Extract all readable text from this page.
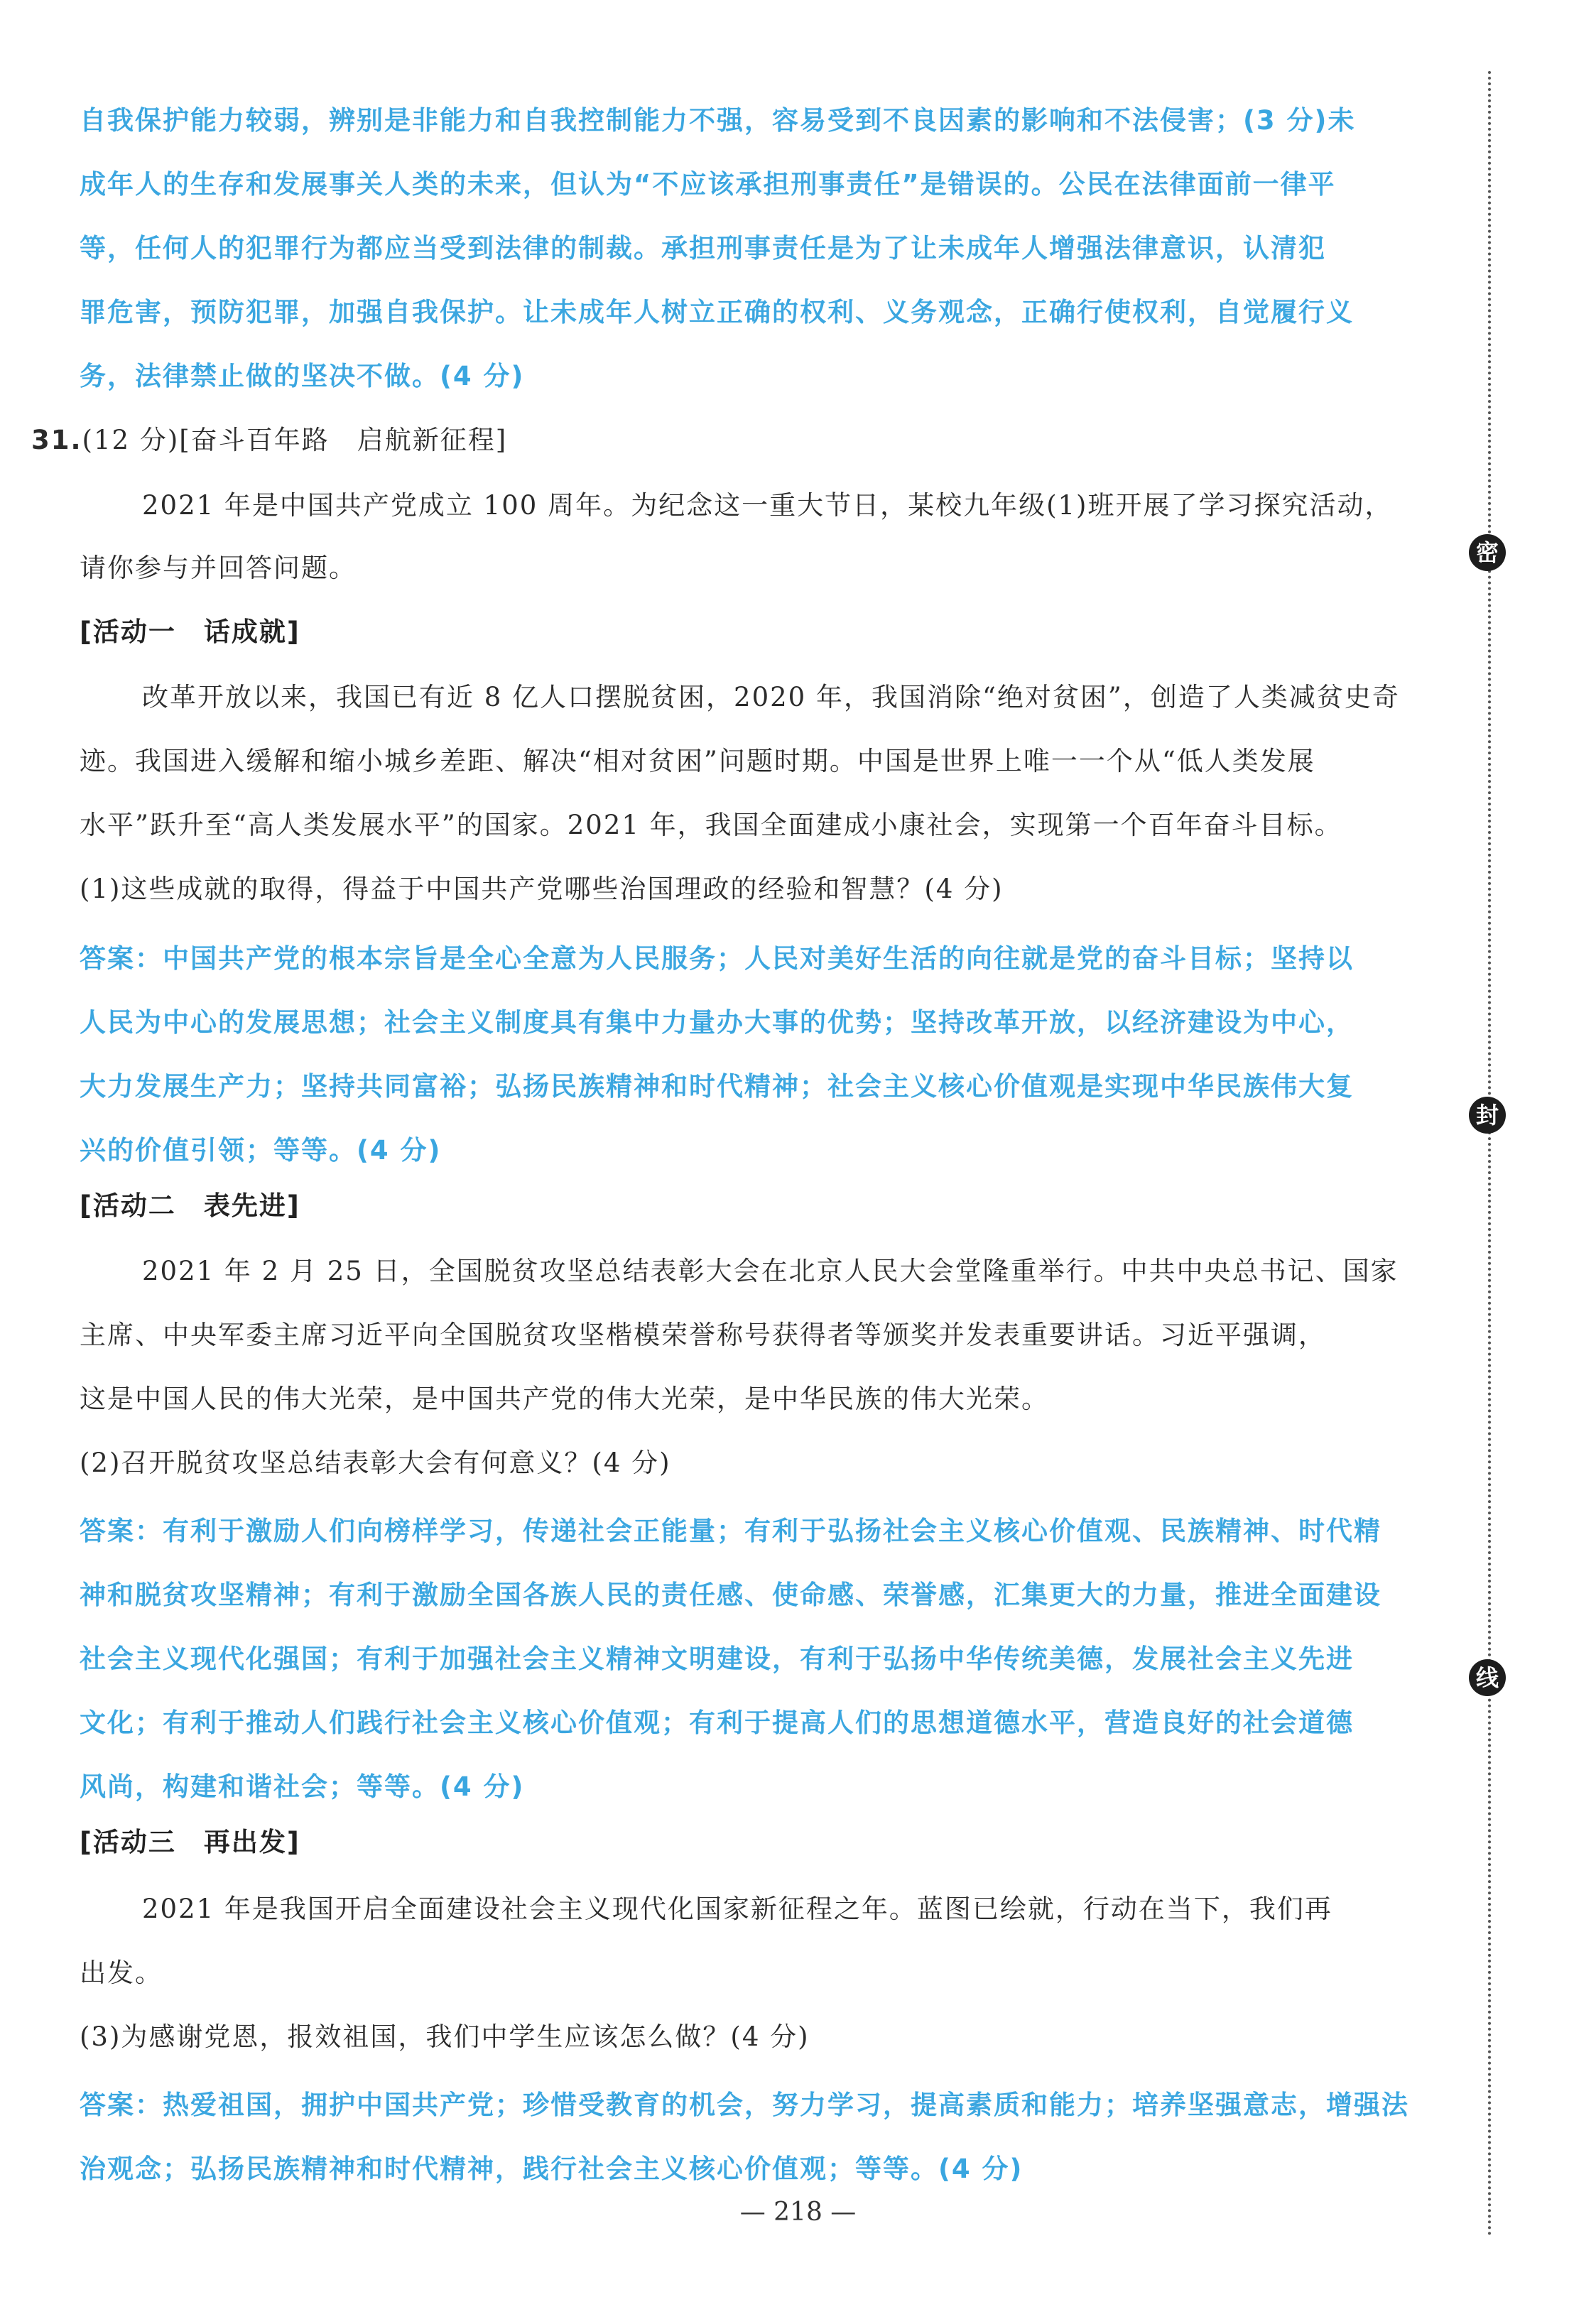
自我保护能力较弱，辨别是非能力和自我控制能力不强，容易受到不良因素的影响和不法侵害；(3 分)未
成年人的生存和发展事关人类的未来，但认为“不应该承担刑事责任”是错误的。公民在法律面前一律平
等，任何人的犯罪行为都应当受到法律的制裁。承担刑事责任是为了让未成年人增强法律意识，认清犯
罪危害，预防犯罪，加强自我保护。让未成年人树立正确的权利、义务观念，正确行使权利，自觉履行义
务，法律禁止做的坚决不做。(4 分)
31.(12 分)[奋斗百年路　启航新征程]
2021 年是中国共产党成立 100 周年。为纪念这一重大节日，某校九年级(1)班开展了学习探究活动，
请你参与并回答问题。
[活动一　话成就]
改革开放以来，我国已有近 8 亿人口摆脱贫困，2020 年，我国消除“绝对贫困”，创造了人类减贫史奇
迹。我国进入缓解和缩小城乡差距、解决“相对贫困”问题时期。中国是世界上唯一一个从“低人类发展
水平”跃升至“高人类发展水平”的国家。2021 年，我国全面建成小康社会，实现第一个百年奋斗目标。
(1)这些成就的取得，得益于中国共产党哪些治国理政的经验和智慧？(4 分)
答案：中国共产党的根本宗旨是全心全意为人民服务；人民对美好生活的向往就是党的奋斗目标；坚持以
人民为中心的发展思想；社会主义制度具有集中力量办大事的优势；坚持改革开放，以经济建设为中心，
大力发展生产力；坚持共同富裕；弘扬民族精神和时代精神；社会主义核心价值观是实现中华民族伟大复
兴的价值引领；等等。(4 分)
[活动二　表先进]
2021 年 2 月 25 日，全国脱贫攻坚总结表彰大会在北京人民大会堂隆重举行。中共中央总书记、国家
主席、中央军委主席习近平向全国脱贫攻坚楷模荣誉称号获得者等颁奖并发表重要讲话。习近平强调，
这是中国人民的伟大光荣，是中国共产党的伟大光荣，是中华民族的伟大光荣。
(2)召开脱贫攻坚总结表彰大会有何意义？(4 分)
答案：有利于激励人们向榜样学习，传递社会正能量；有利于弘扬社会主义核心价值观、民族精神、时代精
神和脱贫攻坚精神；有利于激励全国各族人民的责任感、使命感、荣誉感，汇集更大的力量，推进全面建设
社会主义现代化强国；有利于加强社会主义精神文明建设，有利于弘扬中华传统美德，发展社会主义先进
文化；有利于推动人们践行社会主义核心价值观；有利于提高人们的思想道德水平，营造良好的社会道德
风尚，构建和谐社会；等等。(4 分)
[活动三　再出发]
2021 年是我国开启全面建设社会主义现代化国家新征程之年。蓝图已绘就，行动在当下，我们再
出发。
(3)为感谢党恩，报效祖国，我们中学生应该怎么做？(4 分)
答案：热爱祖国，拥护中国共产党；珍惜受教育的机会，努力学习，提高素质和能力；培养坚强意志，增强法
治观念；弘扬民族精神和时代精神，践行社会主义核心价值观；等等。(4 分)
— 218 —
密
封
线
